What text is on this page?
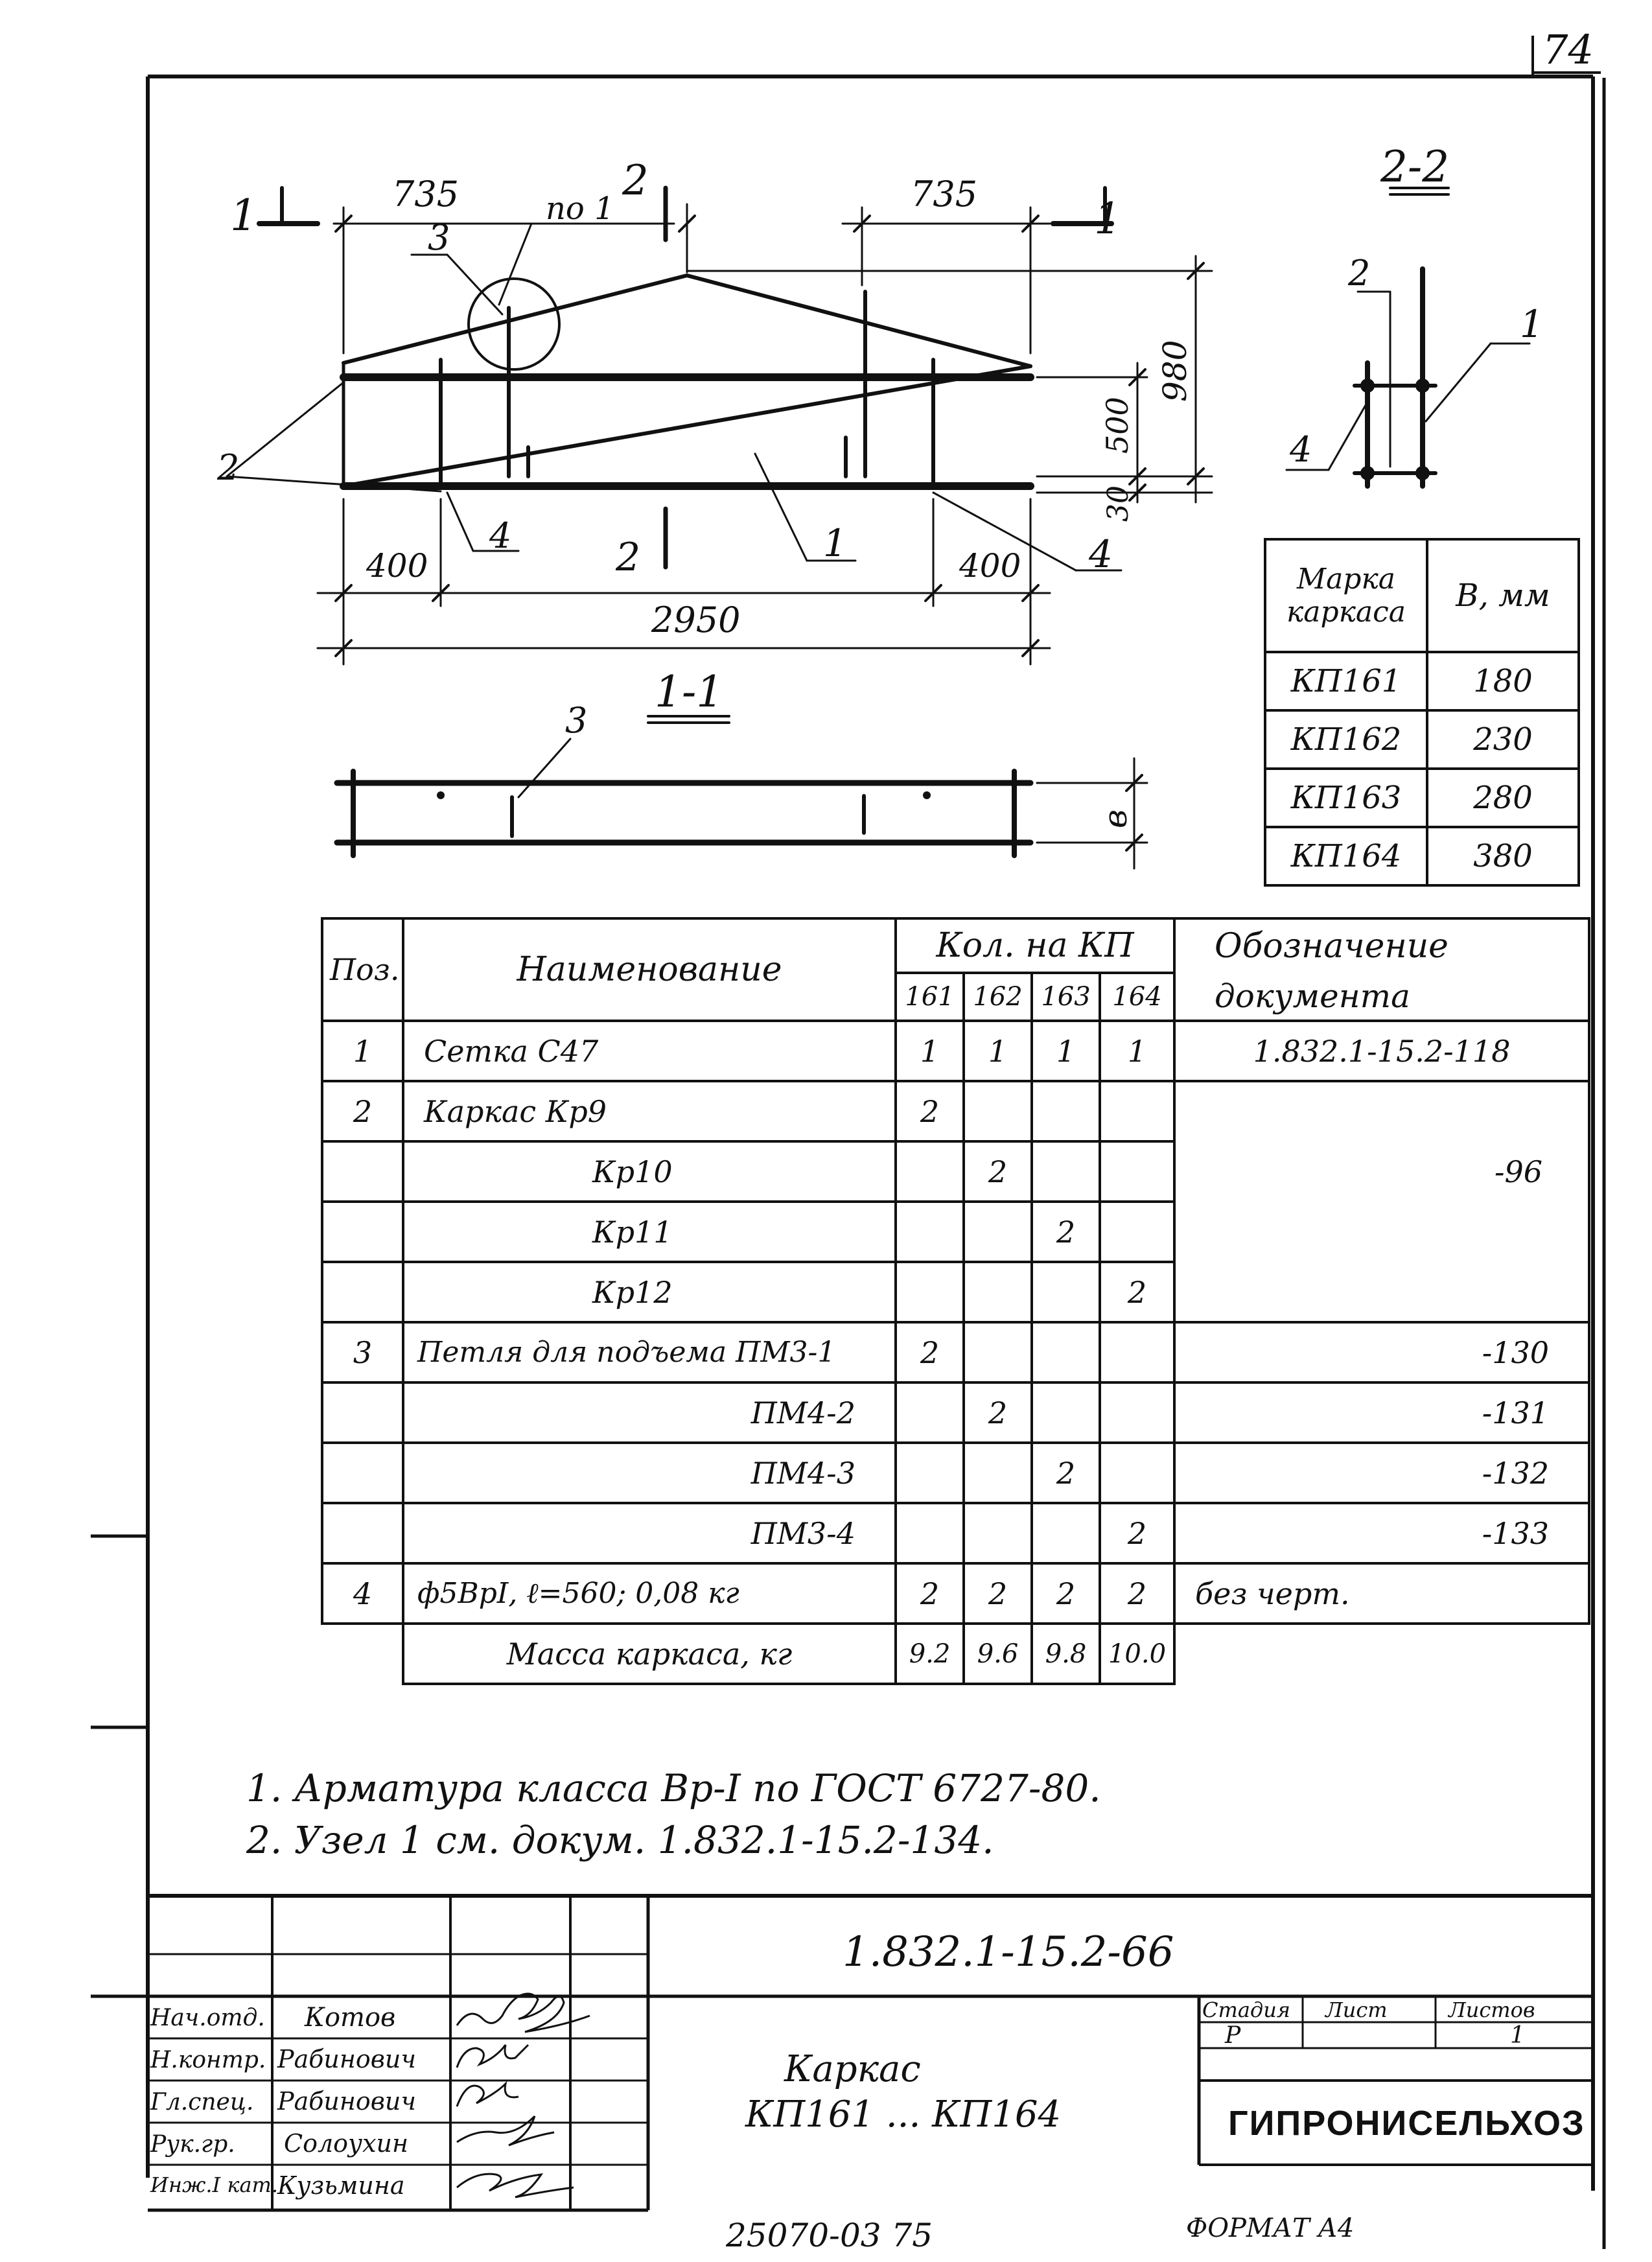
74
735	735
400	400
2950
980
500
30
в
1	1
2
2
3
по 1
2
4	1	4
1-1
3
2-2
2
1
4
Марка каркаса	В, мм
КП161	180
КП162	230
КП163	280
КП164	380
Поз.	Наименование	Кол. на КП				Обозначение
		161	162	163	164	документа
1	Сетка С47	1	1	1	1	1.832.1-15.2-118
2	Каркас Кр9	2				
	Кр10		2			-96
	Кр11			2		
	Кр12				2	
3	Петля для подъема ПМ3-1	2				-130
	ПМ4-2		2			-131
	ПМ4-3			2		-132
	ПМ3-4				2	-133
4	ф5ВрI, ℓ=560; 0,08 кг	2	2	2	2	без черт.
	Масса каркаса, кг	9.2	9.6	9.8	10.0	
1. Арматура класса Вр-I по ГОСТ 6727-80.
2. Узел 1 см. докум. 1.832.1-15.2-134.
1.832.1-15.2-66
Каркас
КП161 ... КП164
Стадия Лист	Листов
Р	1
ГИПРОНИСЕЛЬХОЗ
Нач.отд. Котов
Н.контр. Рабинович
Гл.спец. Рабинович
Рук.гр. Солоухин
Инж.I кат.
Кузьмина
25070-03 75	ФОРМАТ А4
